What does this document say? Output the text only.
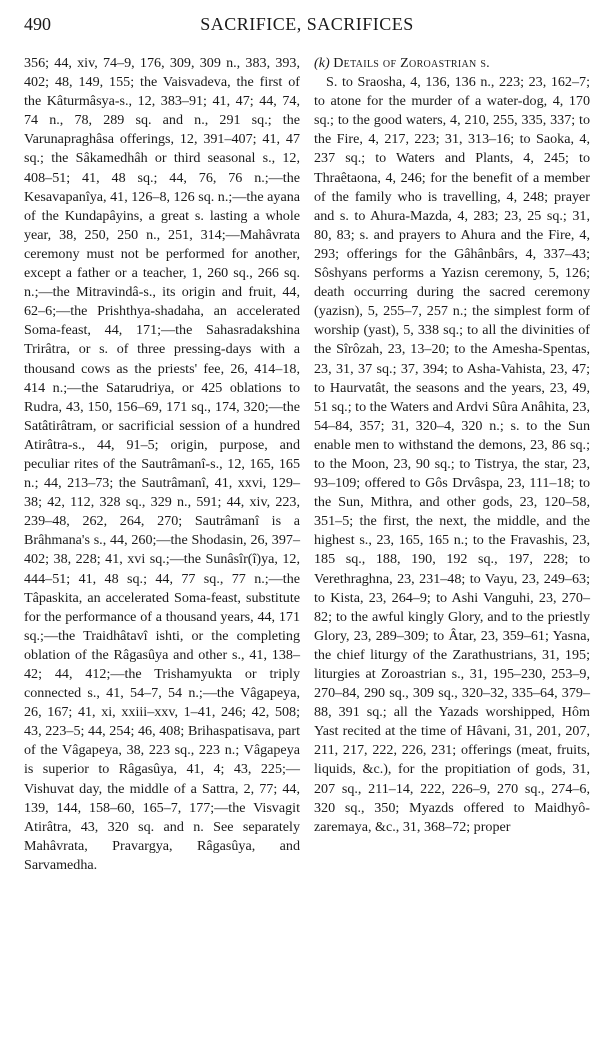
490	SACRIFICE, SACRIFICES

356; 44, xiv, 74–9, 176, 309, 309 n., 383, 393, 402; 48, 149, 155; the Vaisvadeva, the first of the Kâturmâsya-s., 12, 383–91; 41, 47; 44, 74, 74 n., 78, 289 sq. and n., 291 sq.; the Varunapraghâsa offerings, 12, 391–407; 41, 47 sq.; the Sâkamedhâh or third seasonal s., 12, 408–51; 41, 48 sq.; 44, 76, 76 n.;—the Kesavapanîya, 41, 126–8, 126 sq. n.;—the ayana of the Kundapâyins, a great s. lasting a whole year, 38, 250, 250 n., 251, 314;—Mahâvrata ceremony must not be performed for another, except a father or a teacher, 1, 260 sq., 266 sq. n.;—the Mitravindâ-s., its origin and fruit, 44, 62–6;—the Prishthya-shadaha, an accelerated Soma-feast, 44, 171;—the Sahasradakshina Trirâtra, or s. of three pressing-days with a thousand cows as the priests' fee, 26, 414–18, 414 n.;—the Satarudriya, or 425 oblations to Rudra, 43, 150, 156–69, 171 sq., 174, 320;—the Satâtirâtram, or sacrificial session of a hundred Atirâtra-s., 44, 91–5; origin, purpose, and peculiar rites of the Sautrâmanî-s., 12, 165, 165 n.; 44, 213–73; the Sautrâmanî, 41, xxvi, 129–38; 42, 112, 328 sq., 329 n., 591; 44, xiv, 223, 239–48, 262, 264, 270; Sautrâmanî is a Brâhmana's s., 44, 260;—the Shodasin, 26, 397–402; 38, 228; 41, xvi sq.;—the Sunâsîr(î)ya, 12, 444–51; 41, 48 sq.; 44, 77 sq., 77 n.;—the Tâpaskita, an accelerated Soma-feast, substitute for the performance of a thousand years, 44, 171 sq.;—the Traidhâtavî ishti, or the completing oblation of the Râgasûya and other s., 41, 138–42; 44, 412;—the Trishamyukta or triply connected s., 41, 54–7, 54 n.;—the Vâgapeya, 26, 167; 41, xi, xxiii–xxv, 1–41, 246; 42, 508; 43, 223–5; 44, 254; 46, 408; Brihaspatisava, part of the Vâgapeya, 38, 223 sq., 223 n.; Vâgapeya is superior to Râgasûya, 41, 4; 43, 225;—Vishuvat day, the middle of a Sattra, 2, 77; 44, 139, 144, 158–60, 165–7, 177;—the Visvagit Atirâtra, 43, 320 sq. and n. See separately Mahâvrata, Pravargya, Râgasûya, and Sarvamedha.

(k) Details of Zoroastrian s.

S. to Sraosha, 4, 136, 136 n., 223; 23, 162–7; to atone for the murder of a water-dog, 4, 170 sq.; to the good waters, 4, 210, 255, 335, 337; to the Fire, 4, 217, 223; 31, 313–16; to Saoka, 4, 237 sq.; to Waters and Plants, 4, 245; to Thraêtaona, 4, 246; for the benefit of a member of the family who is travelling, 4, 248; prayer and s. to Ahura-Mazda, 4, 283; 23, 25 sq.; 31, 80, 83; s. and prayers to Ahura and the Fire, 4, 293; offerings for the Gâhânbârs, 4, 337–43; Sôshyans performs a Yazisn ceremony, 5, 126; death occurring during the sacred ceremony (yazisn), 5, 255–7, 257 n.; the simplest form of worship (yast), 5, 338 sq.; to all the divinities of the Sîrôzah, 23, 13–20; to the Amesha-Spentas, 23, 31, 37 sq.; 37, 394; to Asha-Vahista, 23, 47; to Haurvatât, the seasons and the years, 23, 49, 51 sq.; to the Waters and Ardvi Sûra Anâhita, 23, 54–84, 357; 31, 320–4, 320 n.; s. to the Sun enable men to withstand the demons, 23, 86 sq.; to the Moon, 23, 90 sq.; to Tistrya, the star, 23, 93–109; offered to Gôs Drvâspa, 23, 111–18; to the Sun, Mithra, and other gods, 23, 120–58, 351–5; the first, the next, the middle, and the highest s., 23, 165, 165 n.; to the Fravashis, 23, 185 sq., 188, 190, 192 sq., 197, 228; to Verethraghna, 23, 231–48; to Vayu, 23, 249–63; to Kista, 23, 264–9; to Ashi Vanguhi, 23, 270–82; to the awful kingly Glory, and to the priestly Glory, 23, 289–309; to Âtar, 23, 359–61; Yasna, the chief liturgy of the Zarathustrians, 31, 195; liturgies at Zoroastrian s., 31, 195–230, 253–9, 270–84, 290 sq., 309 sq., 320–32, 335–64, 379–88, 391 sq.; all the Yazads worshipped, Hôm Yast recited at the time of Hâvani, 31, 201, 207, 211, 217, 222, 226, 231; offerings (meat, fruits, liquids, &c.), for the propitiation of gods, 31, 207 sq., 211–14, 222, 226–9, 270 sq., 274–6, 320 sq., 350; Myazds offered to Maidhyô-zaremaya, &c., 31, 368–72; proper
